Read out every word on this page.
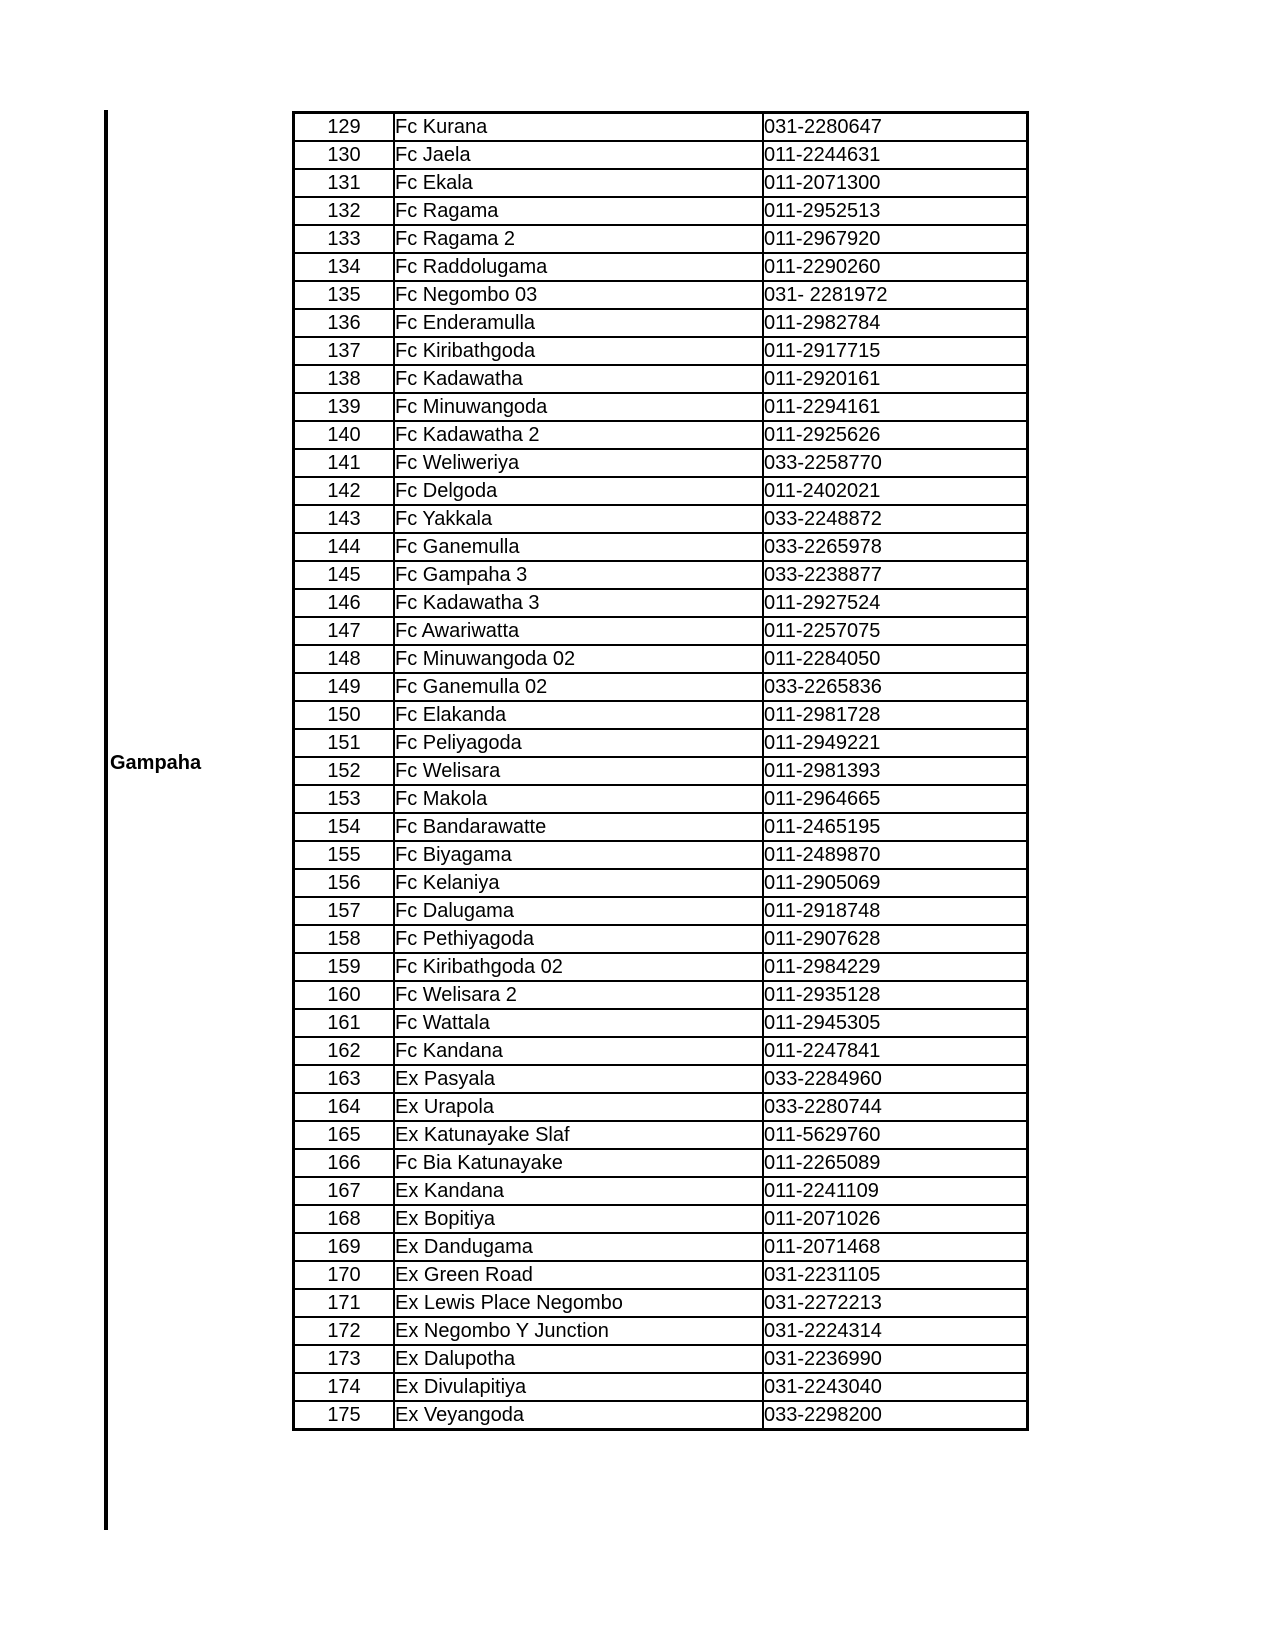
Gampaha
129	Fc Kurana	031-2280647
130	Fc Jaela	011-2244631
131	Fc Ekala	011-2071300
132	Fc Ragama	011-2952513
133	Fc Ragama 2	011-2967920
134	Fc Raddolugama	011-2290260
135	Fc Negombo 03	031- 2281972
136	Fc Enderamulla	011-2982784
137	Fc Kiribathgoda	011-2917715
138	Fc Kadawatha	011-2920161
139	Fc Minuwangoda	011-2294161
140	Fc Kadawatha 2	011-2925626
141	Fc Weliweriya	033-2258770
142	Fc Delgoda	011-2402021
143	Fc Yakkala	033-2248872
144	Fc Ganemulla	033-2265978
145	Fc Gampaha 3	033-2238877
146	Fc Kadawatha 3	011-2927524
147	Fc Awariwatta	011-2257075
148	Fc Minuwangoda 02	011-2284050
149	Fc Ganemulla 02	033-2265836
150	Fc Elakanda	011-2981728
151	Fc Peliyagoda	011-2949221
152	Fc Welisara	011-2981393
153	Fc Makola	011-2964665
154	Fc Bandarawatte	011-2465195
155	Fc Biyagama	011-2489870
156	Fc Kelaniya	011-2905069
157	Fc Dalugama	011-2918748
158	Fc Pethiyagoda	011-2907628
159	Fc Kiribathgoda 02	011-2984229
160	Fc Welisara 2	011-2935128
161	Fc Wattala	011-2945305
162	Fc Kandana	011-2247841
163	Ex Pasyala	033-2284960
164	Ex Urapola	033-2280744
165	Ex Katunayake Slaf	011-5629760
166	Fc Bia Katunayake	011-2265089
167	Ex Kandana	011-2241109
168	Ex Bopitiya	011-2071026
169	Ex Dandugama	011-2071468
170	Ex Green Road	031-2231105
171	Ex Lewis Place Negombo	031-2272213
172	Ex Negombo Y Junction	031-2224314
173	Ex Dalupotha	031-2236990
174	Ex Divulapitiya	031-2243040
175	Ex Veyangoda	033-2298200
